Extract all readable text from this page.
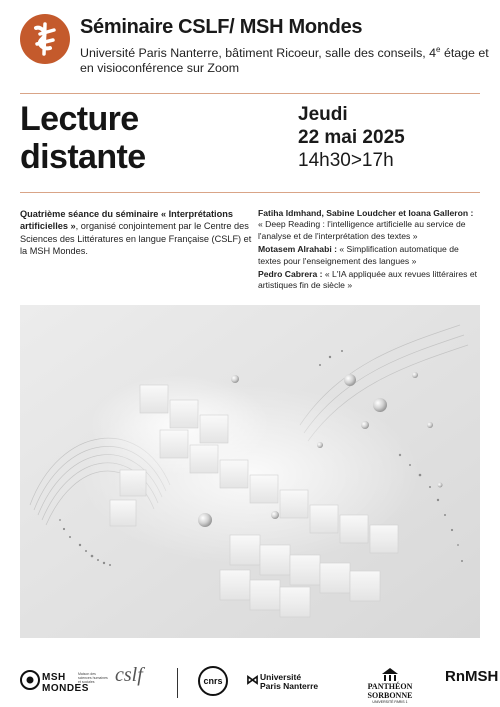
Séminaire CSLF/ MSH Mondes
Université Paris Nanterre, bâtiment Ricoeur, salle des conseils, 4e étage et
en visioconférence sur Zoom
Lecture
distante
Jeudi
22 mai 2025
14h30>17h
Quatrième séance du séminaire « Interprétations artificielles », organisé conjointement par le Centre des Sciences des Littératures en langue Française (CSLF) et la MSH Mondes.
Fatiha Idmhand, Sabine Loudcher et Ioana Galleron :
« Deep Reading : l'intelligence artificielle au service de l'analyse et de l'interprétation des textes »
Motasem Alrahabi : « Simplification automatique de textes pour l'enseignement des langues »
Pedro Cabrera : « L'IA appliquée aux revues littéraires et artistiques fin de siècle »
MSH
MONDES
Maison des sciences humaines et sociales	cslf	cnrs	⋈ Université
Paris Nanterre	PANTHÉON SORBONNE
UNIVERSITÉ PARIS 1
RnMSH
